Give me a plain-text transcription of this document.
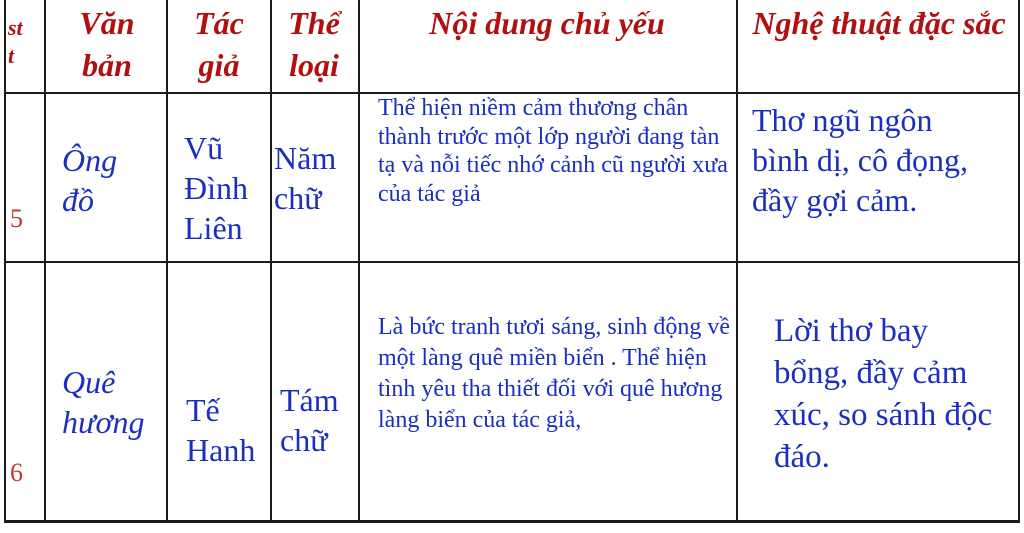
st t
Văn bản
Tác giả
Thể loại
Nội dung chủ yếu	Nghệ thuật đặc sắc
5
Ông đồ
Vũ Đình Liên
Năm chữ
Thể hiện niềm cảm thương chân thành trước một lớp người đang tàn tạ và nỗi tiếc nhớ cảnh cũ người xưa của tác giả
Thơ ngũ ngôn bình dị, cô đọng, đầy gợi cảm.
6
Quê hương	Tế Hanh
Tám chữ
Là bức tranh tươi sáng, sinh động về một làng quê miền biển . Thể hiện tình yêu tha thiết đối với quê hương làng biển của tác giả,
Lời thơ bay bổng, đầy cảm xúc, so sánh độc đáo.
